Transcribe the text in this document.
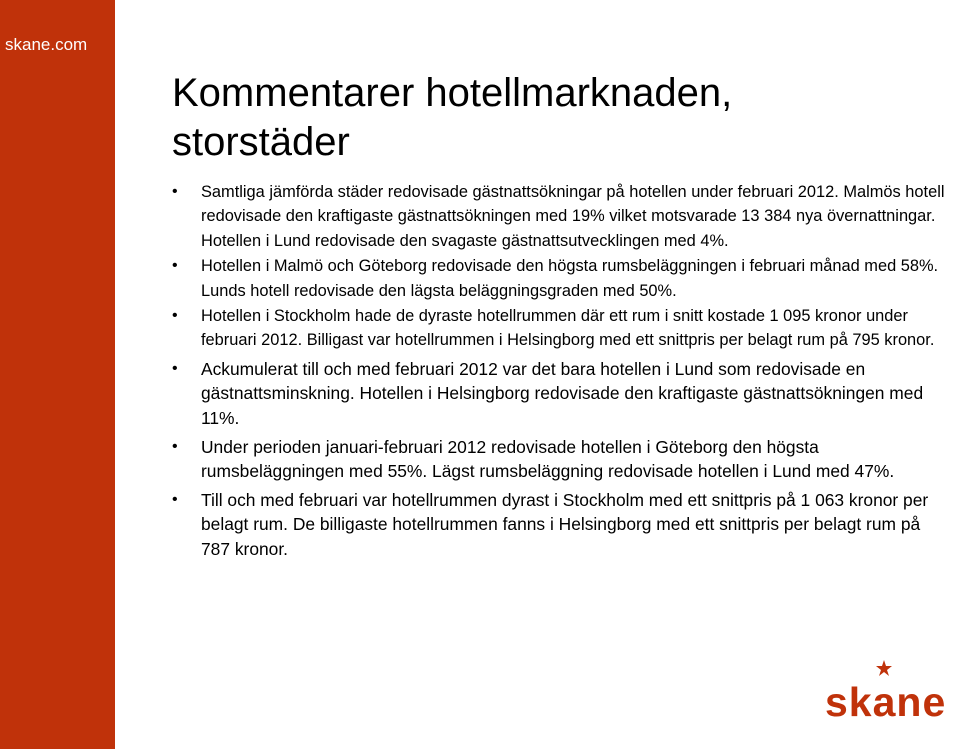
skane.com
Kommentarer hotellmarknaden, storstäder
• Samtliga jämförda städer redovisade gästnattsökningar på hotellen under februari 2012. Malmös hotell redovisade den kraftigaste gästnattsökningen med 19% vilket motsvarade 13 384 nya övernattningar. Hotellen i Lund redovisade den svagaste gästnattsutvecklingen med 4%.
• Hotellen i Malmö och Göteborg redovisade den högsta rumsbeläggningen i februari månad med 58%. Lunds hotell redovisade den lägsta beläggningsgraden med 50%.
• Hotellen i Stockholm hade de dyraste hotellrummen där ett rum i snitt kostade 1 095 kronor under februari 2012. Billigast var hotellrummen i Helsingborg med ett snittpris per belagt rum på 795 kronor.
• Ackumulerat till och med februari 2012 var det bara hotellen i Lund som redovisade en gästnattsminskning. Hotellen i Helsingborg redovisade den kraftigaste gästnattsökningen med 11%.
• Under perioden januari-februari 2012 redovisade hotellen i Göteborg den högsta rumsbeläggningen med 55%. Lägst rumsbeläggning redovisade hotellen i Lund med 47%.
• Till och med februari var hotellrummen dyrast i Stockholm med ett snittpris på 1 063 kronor per belagt rum. De billigaste hotellrummen fanns i Helsingborg med ett snittpris per belagt rum på 787 kronor.
skane
